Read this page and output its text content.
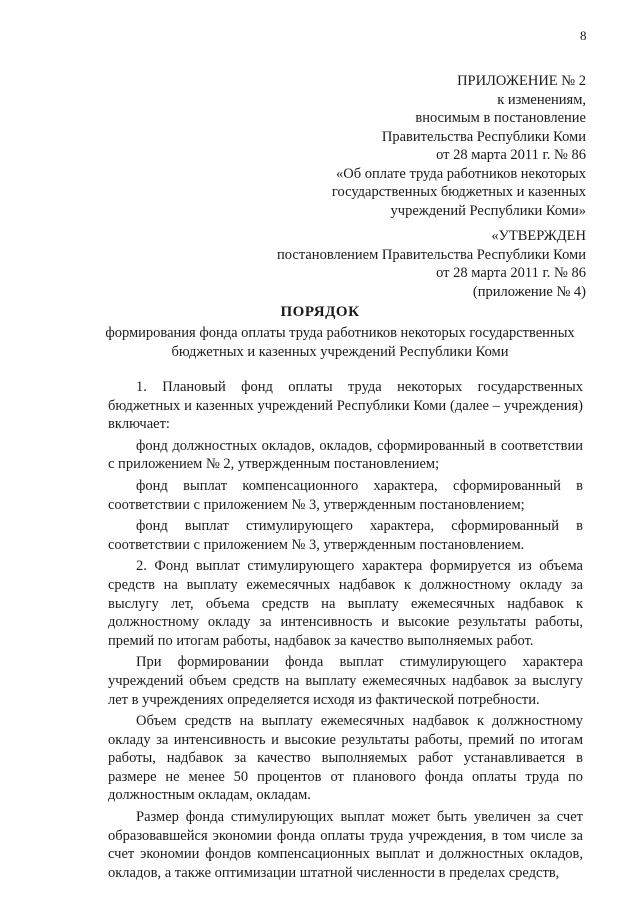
8
ПРИЛОЖЕНИЕ № 2
к изменениям,
вносимым в постановление
Правительства Республики Коми
от 28 марта 2011 г. № 86
«Об оплате труда работников некоторых
государственных бюджетных и казенных
учреждений Республики Коми»
«УТВЕРЖДЕН
постановлением Правительства Республики Коми
от 28 марта 2011 г. № 86
(приложение № 4)
ПОРЯДОК
формирования фонда оплаты труда работников некоторых государственных бюджетных и казенных учреждений Республики Коми

1. Плановый фонд оплаты труда некоторых государственных бюджетных и казенных учреждений Республики Коми (далее – учреждения) включает:

фонд должностных окладов, окладов, сформированный в соответствии с приложением № 2, утвержденным постановлением;

фонд выплат компенсационного характера, сформированный в соответствии с приложением № 3, утвержденным постановлением;

фонд выплат стимулирующего характера, сформированный в соответствии с приложением № 3, утвержденным постановлением.

2. Фонд выплат стимулирующего характера формируется из объема средств на выплату ежемесячных надбавок к должностному окладу за выслугу лет, объема средств на выплату ежемесячных надбавок к должностному окладу за интенсивность и высокие результаты работы, премий по итогам работы, надбавок за качество выполняемых работ.

При формировании фонда выплат стимулирующего характера учреждений объем средств на выплату ежемесячных надбавок за выслугу лет в учреждениях определяется исходя из фактической потребности.

Объем средств на выплату ежемесячных надбавок к должностному окладу за интенсивность и высокие результаты работы, премий по итогам работы, надбавок за качество выполняемых работ устанавливается в размере не менее 50 процентов от планового фонда оплаты труда по должностным окладам, окладам.

Размер фонда стимулирующих выплат может быть увеличен за счет образовавшейся экономии фонда оплаты труда учреждения, в том числе за счет экономии фондов компенсационных выплат и должностных окладов, окладов, а также оптимизации штатной численности в пределах средств,
